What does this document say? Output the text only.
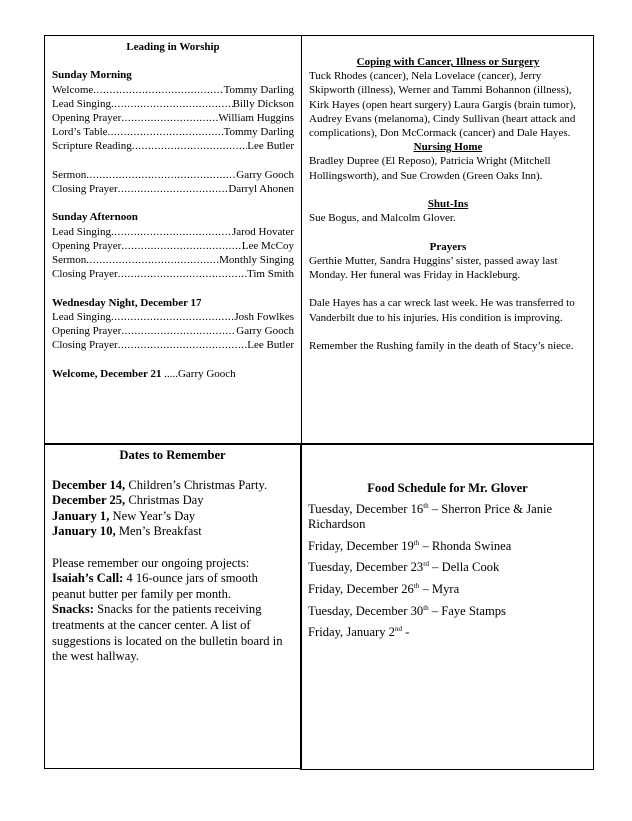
Leading in Worship
Sunday Morning
Welcome .....	Tommy Darling
Lead Singing .....	Billy Dickson
Opening Prayer .....	William Huggins
Lord’s Table .....	Tommy Darling
Scripture Reading .....	Lee Butler
Sermon .....	Garry Gooch
Closing Prayer .....	Darryl Ahonen
Sunday Afternoon
Lead Singing .....	Jarod Hovater
Opening Prayer .....	Lee McCoy
Sermon .....	Monthly Singing
Closing Prayer .....	Tim Smith
Wednesday Night, December 17
Lead Singing .....	Josh Fowlkes
Opening Prayer .....	Garry Gooch
Closing Prayer .....	Lee Butler
Welcome, December 21 .....Garry Gooch
Coping with Cancer, Illness or Surgery

Tuck Rhodes (cancer), Nela Lovelace (cancer), Jerry Skipworth (illness), Werner and Tammi Bohannon (illness), Kirk Hayes (open heart surgery) Laura Gargis (brain tumor), Audrey Evans (melanoma), Cindy Sullivan (heart attack and complications), Don McCormack (cancer) and Dale Hayes.

Nursing Home

Bradley Dupree (El Reposo), Patricia Wright (Mitchell Hollingsworth), and Sue Crowden (Green Oaks Inn).

Shut-Ins

Sue Bogus, and Malcolm Glover.

Prayers

Gerthie Mutter, Sandra Huggins’ sister, passed away last Monday. Her funeral was Friday in Hackleburg.

Dale Hayes has a car wreck last week. He was transferred to Vanderbilt due to his injuries. His condition is improving.

Remember the Rushing family in the death of Stacy’s niece.

Dates to Remember
December 14, Children’s Christmas Party.
December 25, Christmas Day
January 1, New Year’s Day
January 10, Men’s Breakfast
Please remember our ongoing projects:
Isaiah’s Call: 4 16-ounce jars of smooth peanut butter per family per month.
Snacks: Snacks for the patients receiving treatments at the cancer center. A list of suggestions is located on the bulletin board in the west hallway.
Food Schedule for Mr. Glover
Tuesday, December 16th – Sherron Price & Janie Richardson
Friday, December 19th – Rhonda Swinea
Tuesday, December 23rd – Della Cook
Friday, December 26th – Myra
Tuesday, December 30th – Faye Stamps
Friday, January 2nd -
